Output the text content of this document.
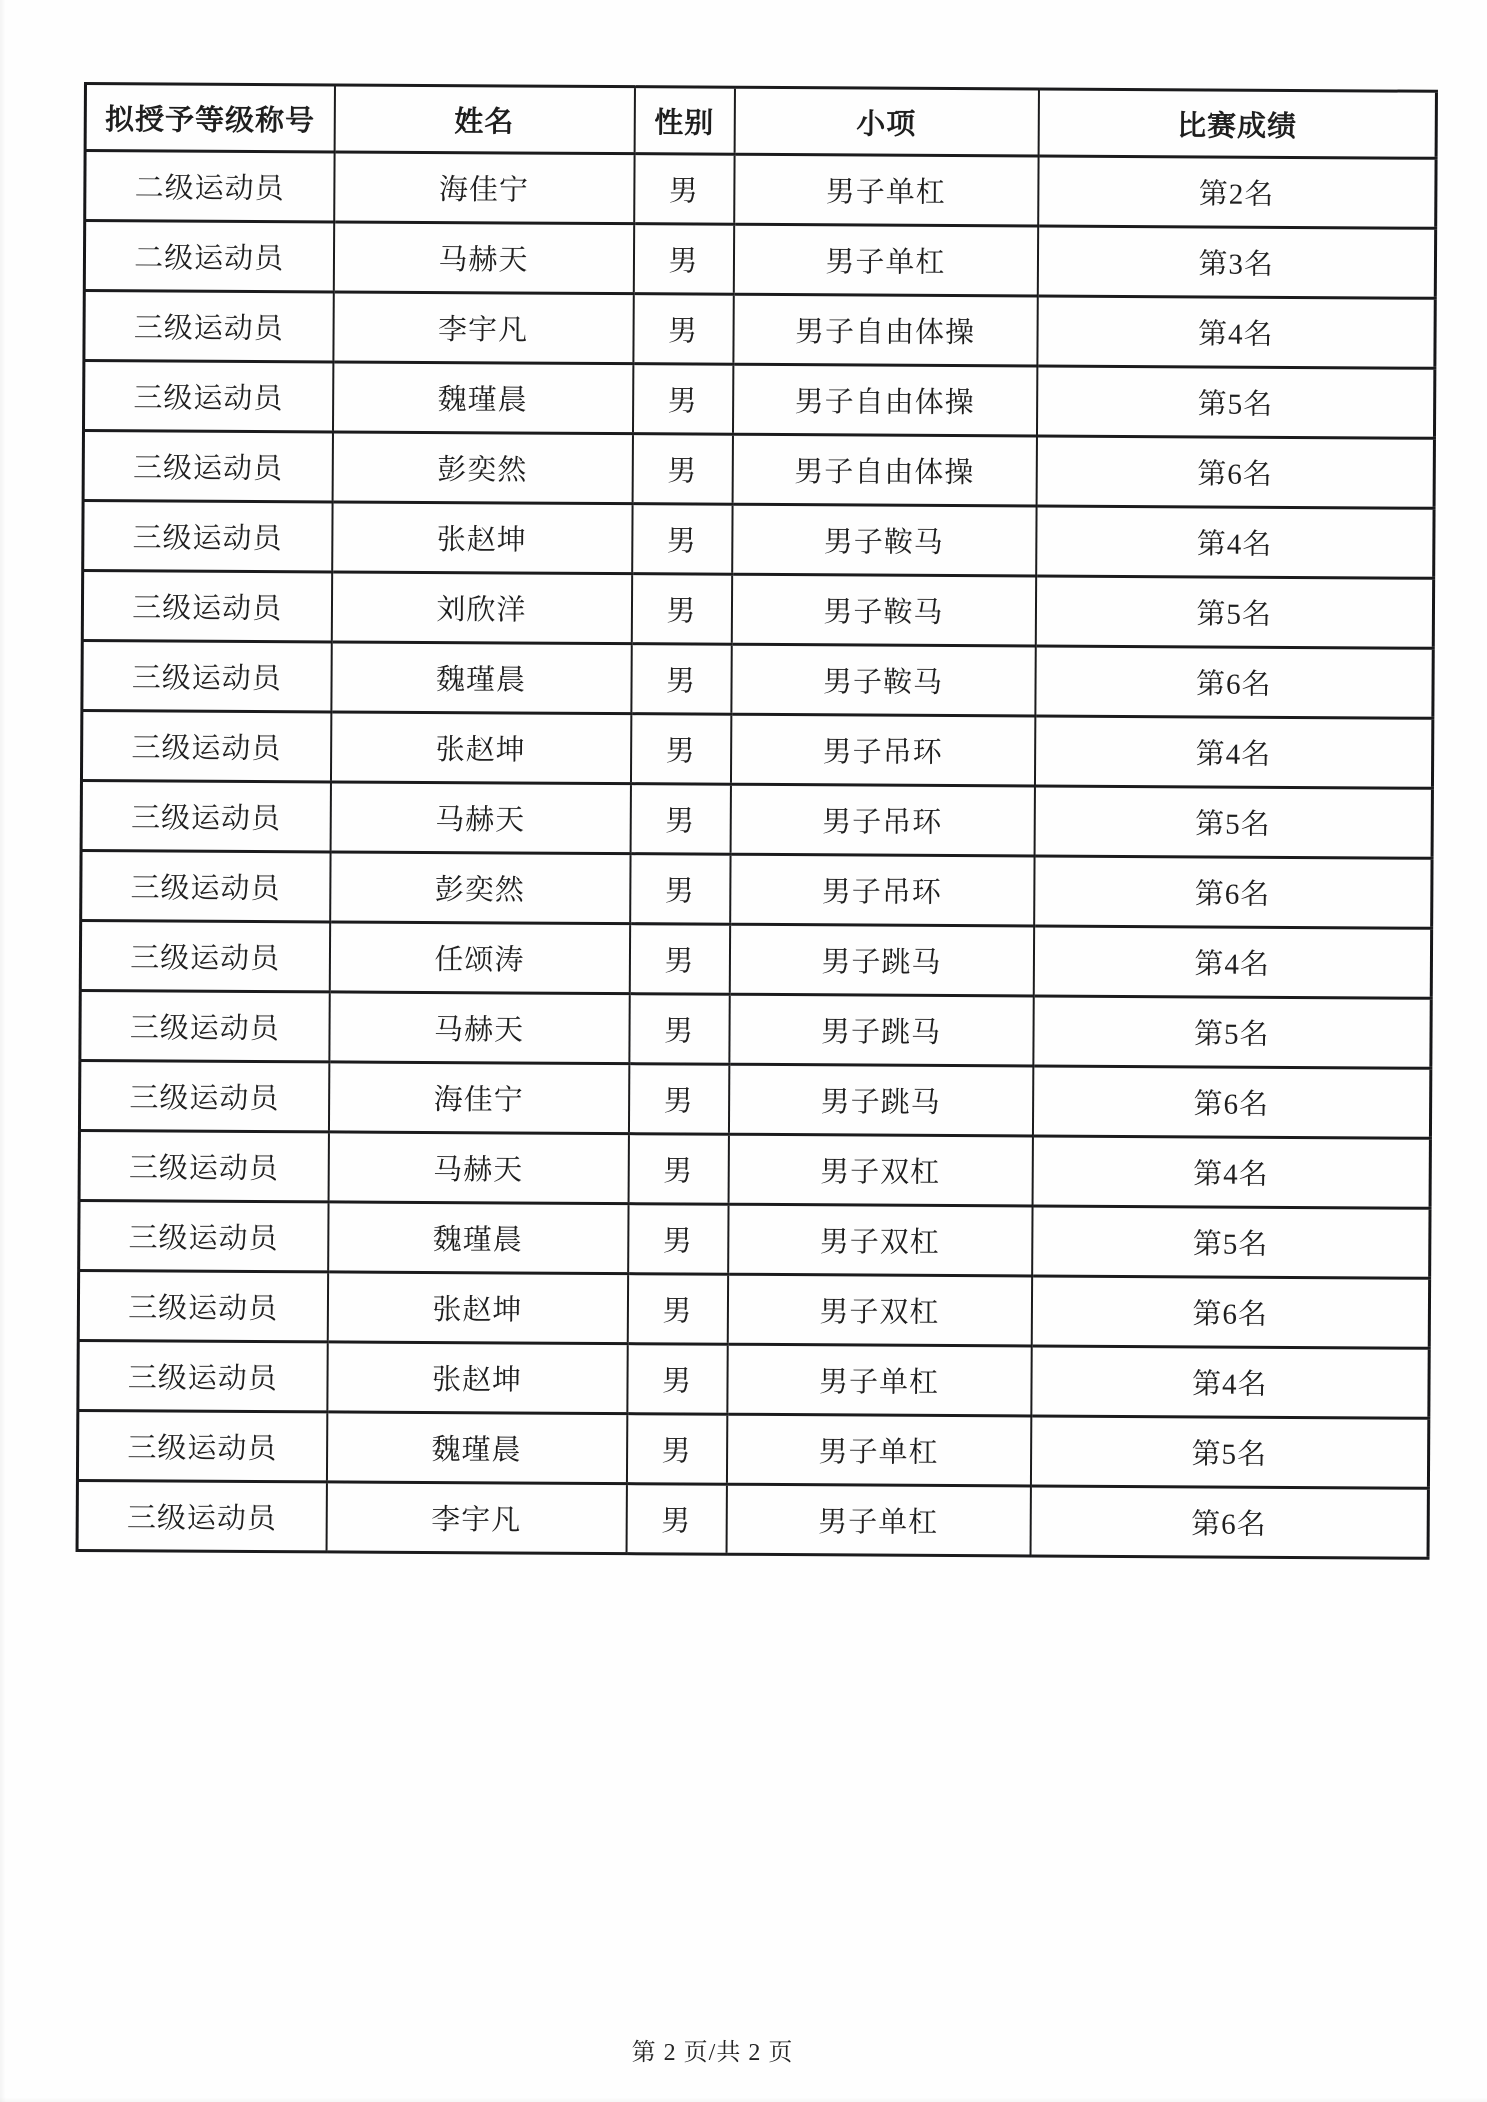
拟授予等级称号	姓名	性别	小项	比赛成绩
二级运动员	海佳宁	男	男子单杠	第2名
二级运动员	马赫天	男	男子单杠	第3名
三级运动员	李宇凡	男	男子自由体操	第4名
三级运动员	魏瑾晨	男	男子自由体操	第5名
三级运动员	彭奕然	男	男子自由体操	第6名
三级运动员	张赵坤	男	男子鞍马	第4名
三级运动员	刘欣洋	男	男子鞍马	第5名
三级运动员	魏瑾晨	男	男子鞍马	第6名
三级运动员	张赵坤	男	男子吊环	第4名
三级运动员	马赫天	男	男子吊环	第5名
三级运动员	彭奕然	男	男子吊环	第6名
三级运动员	任颂涛	男	男子跳马	第4名
三级运动员	马赫天	男	男子跳马	第5名
三级运动员	海佳宁	男	男子跳马	第6名
三级运动员	马赫天	男	男子双杠	第4名
三级运动员	魏瑾晨	男	男子双杠	第5名
三级运动员	张赵坤	男	男子双杠	第6名
三级运动员	张赵坤	男	男子单杠	第4名
三级运动员	魏瑾晨	男	男子单杠	第5名
三级运动员	李宇凡	男	男子单杠	第6名
第 2 页/共 2 页
